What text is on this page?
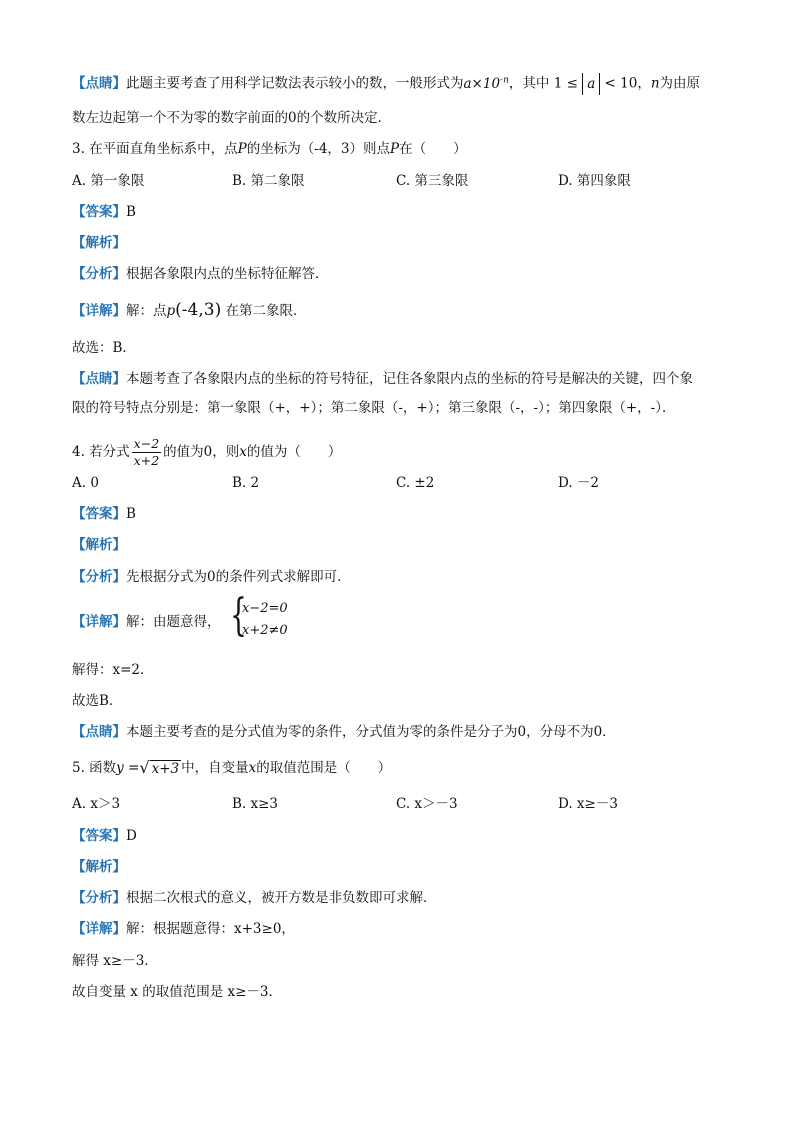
【点睛】此题主要考查了用科学记数法表示较小的数，一般形式为$a\times 10^{-n}$，其中 1 ≤ a < 10，n为由原
数左边起第一个不为零的数字前面的0的个数所决定．
3. 在平面直角坐标系中，点P的坐标为（-4，3）则点P在（　　）
A. 第一象限	B. 第二象限	C. 第三象限	D. 第四象限
【答案】B
【解析】
【分析】根据各象限内点的坐标特征解答．
【详解】解：点p(-4,3) 在第二象限．
故选：B．
【点睛】本题考查了各象限内点的坐标的符号特征，记住各象限内点的坐标的符号是解决的关键，四个象
限的符号特点分别是：第一象限（+，+）；第二象限（-，+）；第三象限（-，-）；第四象限（+，-）．
4. 若分式 $\frac{x-2}{x+2}$ 的值为0，则x的值为（　　）
A. 0	B. 2	C. ±2	D. －2
【答案】B
【解析】
【分析】先根据分式为0的条件列式求解即可．
【详解】解：由题意得， {
x−2=0
x+2≠0
解得：x=2．
故选B．
【点睛】本题主要考查的是分式值为零的条件，分式值为零的条件是分子为0，分母不为0．
5. 函数y =√ x+3 中，自变量x的取值范围是（　　）
A. x＞3	B. x≥3	C. x＞－3	D. x≥－3
【答案】D
【解析】
【分析】根据二次根式的意义，被开方数是非负数即可求解．
【详解】解：根据题意得：x+3≥0，
解得 x≥－3．
故自变量 x 的取值范围是 x≥－3．
